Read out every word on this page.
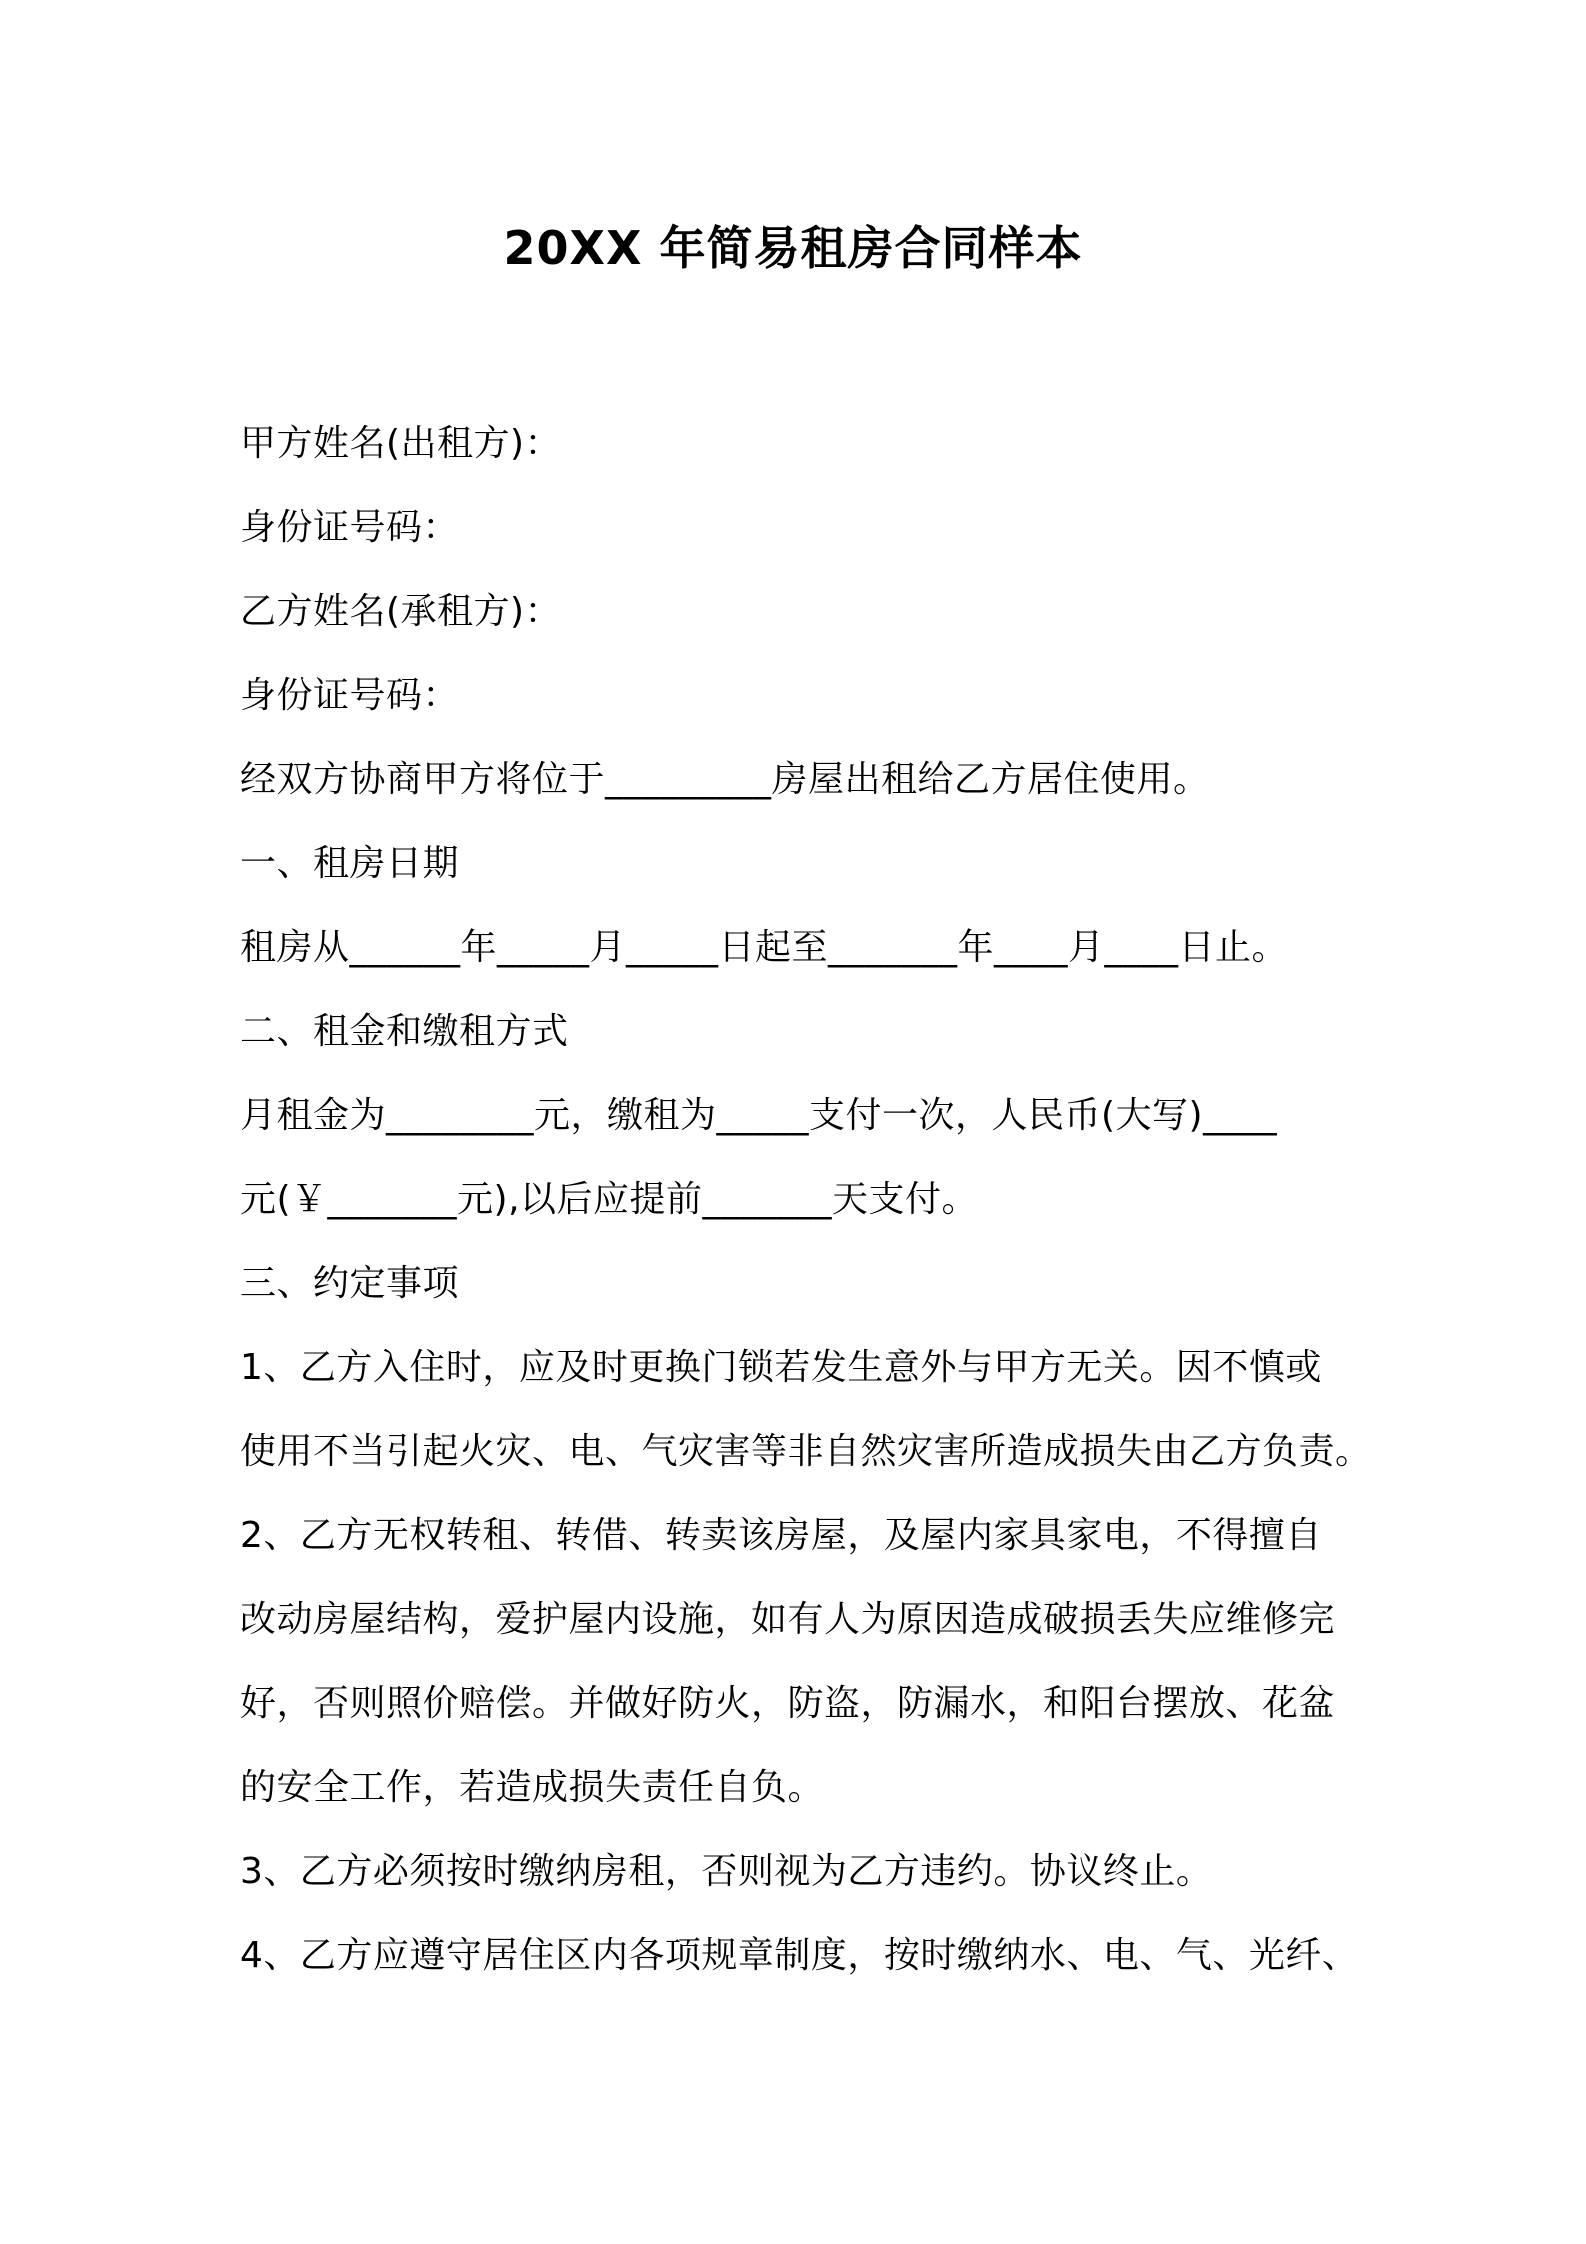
20XX 年简易租房合同样本
甲方姓名(出租方)：
身份证号码：
乙方姓名(承租方)：
身份证号码：
经双方协商甲方将位于_________房屋出租给乙方居住使用。
一、租房日期
租房从______年_____月_____日起至_______年____月____日止。
二、租金和缴租方式
月租金为________元，缴租为_____支付一次，人民币(大写)____
元(￥_______元),以后应提前_______天支付。
三、约定事项
1、乙方入住时，应及时更换门锁若发生意外与甲方无关。因不慎或
使用不当引起火灾、电、气灾害等非自然灾害所造成损失由乙方负责。
2、乙方无权转租、转借、转卖该房屋，及屋内家具家电，不得擅自
改动房屋结构，爱护屋内设施，如有人为原因造成破损丢失应维修完
好，否则照价赔偿。并做好防火，防盗，防漏水，和阳台摆放、花盆
的安全工作，若造成损失责任自负。
3、乙方必须按时缴纳房租，否则视为乙方违约。协议终止。
4、乙方应遵守居住区内各项规章制度，按时缴纳水、电、气、光纤、
